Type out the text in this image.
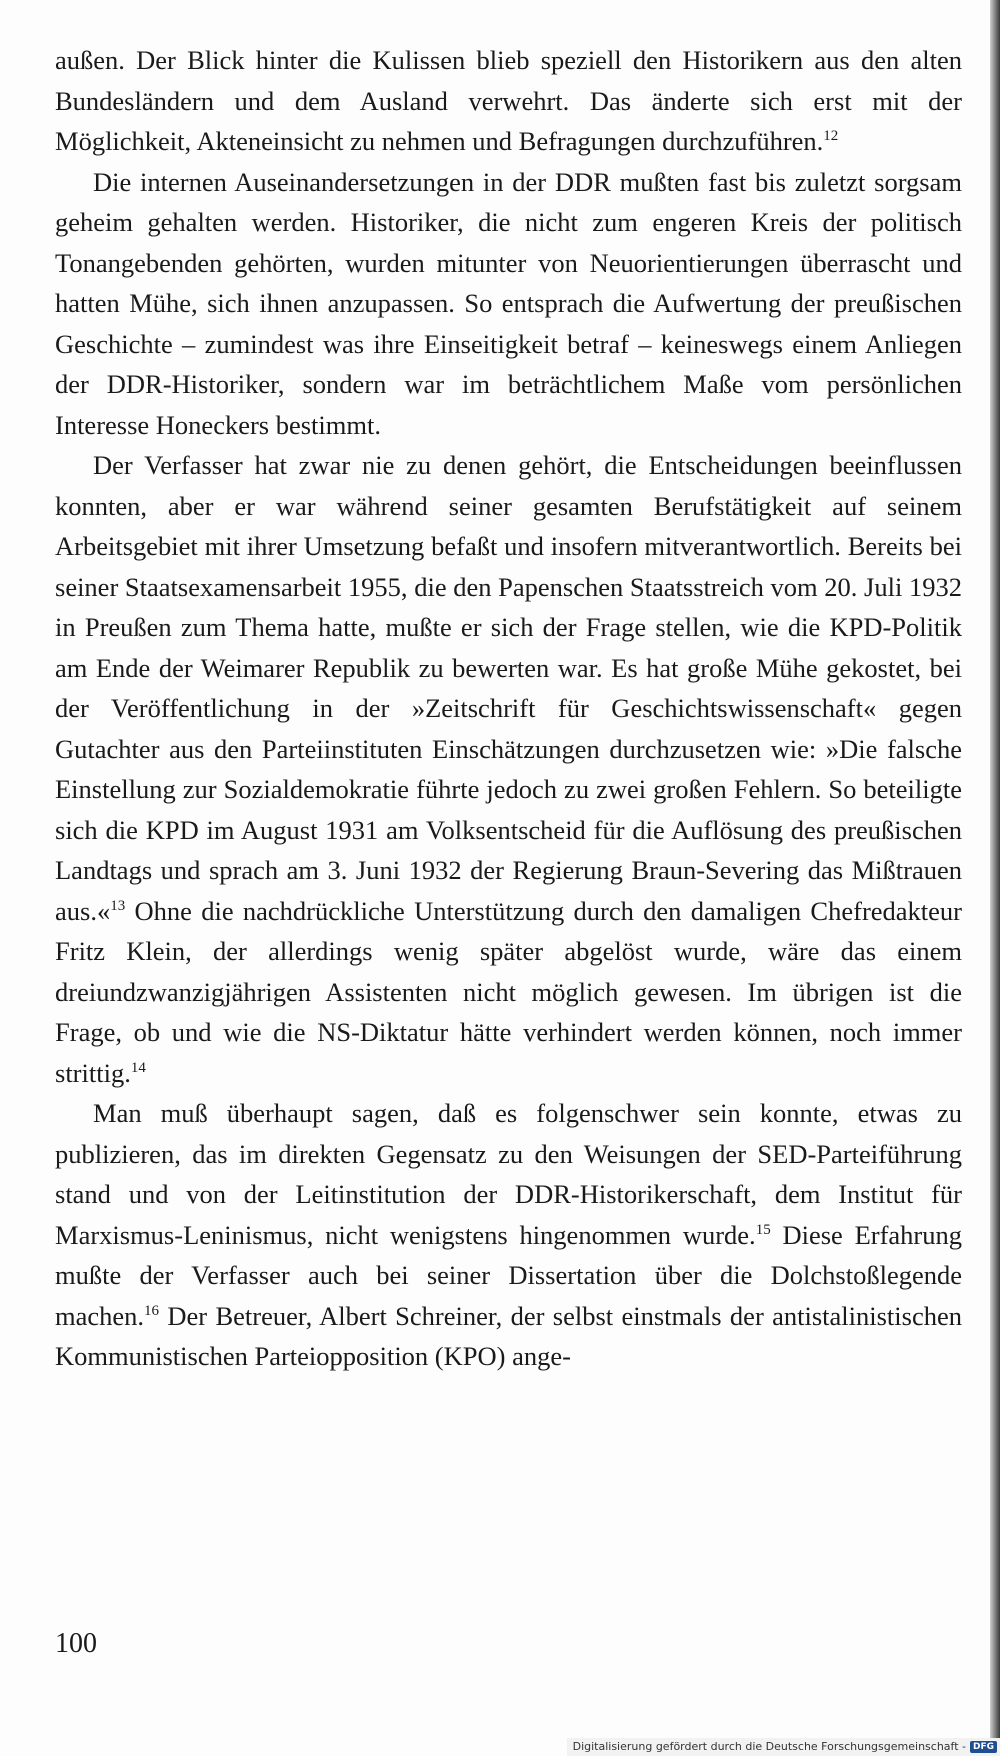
außen. Der Blick hinter die Kulissen blieb speziell den Historikern aus den alten Bundesländern und dem Ausland verwehrt. Das änderte sich erst mit der Möglichkeit, Akteneinsicht zu nehmen und Befragungen durchzuführen.$^{12}$

Die internen Auseinandersetzungen in der DDR mußten fast bis zuletzt sorgsam geheim gehalten werden. Historiker, die nicht zum engeren Kreis der politisch Tonangebenden gehörten, wurden mitunter von Neuorientierungen überrascht und hatten Mühe, sich ihnen anzupassen. So entsprach die Aufwertung der preußischen Geschichte – zumindest was ihre Einseitigkeit betraf – keineswegs einem Anliegen der DDR-Historiker, sondern war im beträchtlichem Maße vom persönlichen Interesse Honeckers bestimmt.

Der Verfasser hat zwar nie zu denen gehört, die Entscheidungen beeinflussen konnten, aber er war während seiner gesamten Berufstätigkeit auf seinem Arbeitsgebiet mit ihrer Umsetzung befaßt und insofern mitverantwortlich. Bereits bei seiner Staatsexamensarbeit 1955, die den Papenschen Staatsstreich vom 20. Juli 1932 in Preußen zum Thema hatte, mußte er sich der Frage stellen, wie die KPD-Politik am Ende der Weimarer Republik zu bewerten war. Es hat große Mühe gekostet, bei der Veröffentlichung in der »Zeitschrift für Geschichtswissenschaft« gegen Gutachter aus den Parteiinstituten Einschätzungen durchzusetzen wie: »Die falsche Einstellung zur Sozialdemokratie führte jedoch zu zwei großen Fehlern. So beteiligte sich die KPD im August 1931 am Volksentscheid für die Auflösung des preußischen Landtags und sprach am 3. Juni 1932 der Regierung Braun-Severing das Mißtrauen aus.«$^{13}$ Ohne die nachdrückliche Unterstützung durch den damaligen Chefredakteur Fritz Klein, der allerdings wenig später abgelöst wurde, wäre das einem dreiundzwanzigjährigen Assistenten nicht möglich gewesen. Im übrigen ist die Frage, ob und wie die NS-Diktatur hätte verhindert werden können, noch immer strittig.$^{14}$

Man muß überhaupt sagen, daß es folgenschwer sein konnte, etwas zu publizieren, das im direkten Gegensatz zu den Weisungen der SED-Parteiführung stand und von der Leitinstitution der DDR-Historikerschaft, dem Institut für Marxismus-Leninismus, nicht wenigstens hingenommen wurde.$^{15}$ Diese Erfahrung mußte der Verfasser auch bei seiner Dissertation über die Dolchstoßlegende machen.$^{16}$ Der Betreuer, Albert Schreiner, der selbst einstmals der antistalinistischen Kommunistischen Parteiopposition (KPO) ange-

100
Digitalisierung gefördert durch die Deutsche Forschungsgemeinschaft - DFG
